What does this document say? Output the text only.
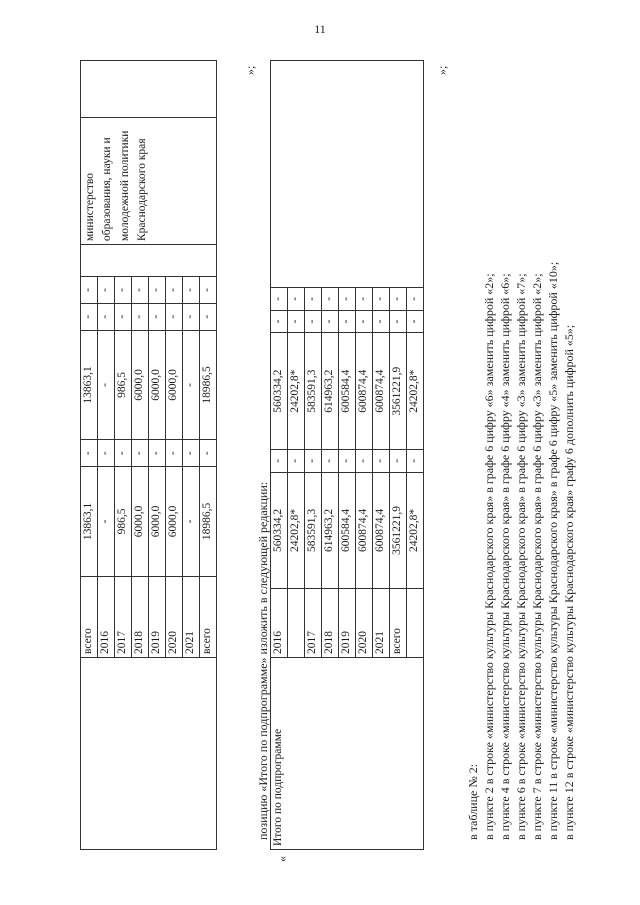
11
	всего	13863,1	-	13863,1	-	-		министерство образования, науки и молодежной политики Краснодарского края	
	2016	-	-	-	-	-			
	2017	986,5	-	986,5	-	-			
	2018	6000,0	-	6000,0	-	-			
	2019	6000,0	-	6000,0	-	-			
	2020	6000,0	-	6000,0	-	-			
	2021	-	-	-	-	-			
	всего	18986,5	-	18986,5	-	-			
»;
позицию «Итого по подпрограмме» изложить в следующей редакции:
«
Итого по подпрограмме	2016	560334,2	-	560334,2	-	-	
		24202,8*	-	24202,8*	-	-	
	2017	583591,3	-	583591,3	-	-	
	2018	614963,2	-	614963,2	-	-	
	2019	600584,4	-	600584,4	-	-	
	2020	600874,4	-	600874,4	-	-	
	2021	600874,4	-	600874,4	-	-	
	всего	3561221,9	-	3561221,9	-	-	
		24202,8*	-	24202,8*	-	-	
»;
в таблице № 2: в пункте 2 в строке «министерство культуры Краснодарского края» в графе 6 цифру «6» заменить цифрой «2»; в пункте 4 в строке «министерство культуры Краснодарского края» в графе 6 цифру «4» заменить цифрой «6»; в пункте 6 в строке «министерство культуры Краснодарского края» в графе 6 цифру «3» заменить цифрой «7»; в пункте 7 в строке «министерство культуры Краснодарского края» в графе 6 цифру «3» заменить цифрой «2»; в пункте 11 в строке «министерство культуры Краснодарского края» в графе 6 цифру «5» заменить цифрой «10»; в пункте 12 в строке «министерство культуры Краснодарского края» графу 6 дополнить цифрой «5»;
